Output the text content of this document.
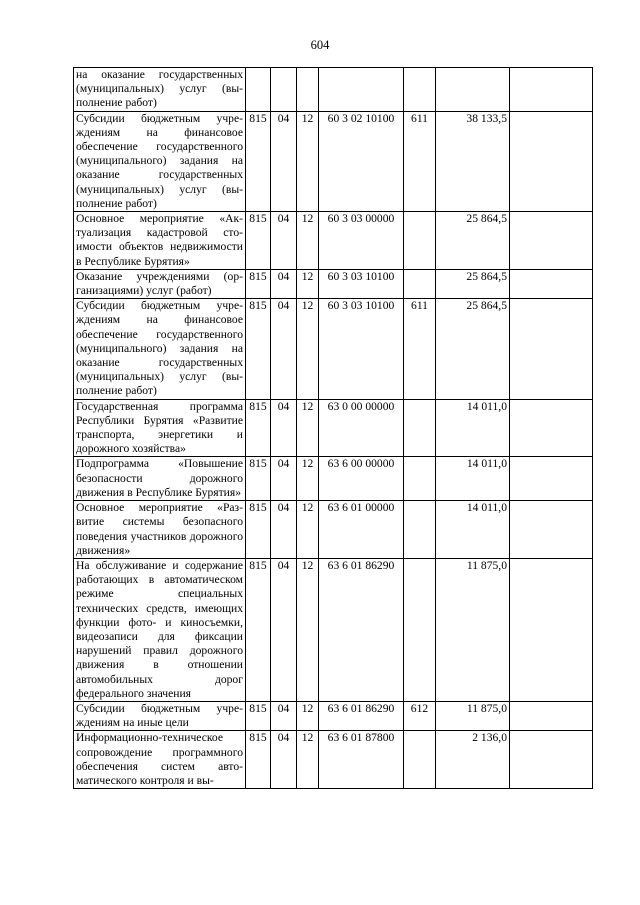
604
на оказание государственных (муниципальных) услуг (выполнение работ)							
Субсидии бюджетным учреждениям на финансовое обеспечение государственного (муниципального) задания на оказание государственных (муниципальных) услуг (выполнение работ)	815	04	12	60 3 02 10100	611	38 133,5	
Основное мероприятие «Актуализация кадастровой стоимости объектов недвижимости в Республике Бурятия»	815	04	12	60 3 03 00000		25 864,5	
Оказание учреждениями (организациями) услуг (работ)	815	04	12	60 3 03 10100		25 864,5	
Субсидии бюджетным учреждениям на финансовое обеспечение государственного (муниципального) задания на оказание государственных (муниципальных) услуг (выполнение работ)	815	04	12	60 3 03 10100	611	25 864,5	
Государственная программа Республики Бурятия «Развитие транспорта, энергетики и дорожного хозяйства»	815	04	12	63 0 00 00000		14 011,0	
Подпрограмма «Повышение безопасности дорожного движения в Республике Бурятия»	815	04	12	63 6 00 00000		14 011,0	
Основное мероприятие «Развитие системы безопасного поведения участников дорожного движения»	815	04	12	63 6 01 00000		14 011,0	
На обслуживание и содержание работающих в автоматическом режиме специальных технических средств, имеющих функции фото- и киносъемки, видеозаписи для фиксации нарушений правил дорожного движения в отношении автомобильных дорог федерального значения	815	04	12	63 6 01 86290		11 875,0	
Субсидии бюджетным учреждениям на иные цели	815	04	12	63 6 01 86290	612	11 875,0	
Информационно-техническое сопровождение программного обеспечения систем автоматического контроля и вы-	815	04	12	63 6 01 87800		2 136,0	
